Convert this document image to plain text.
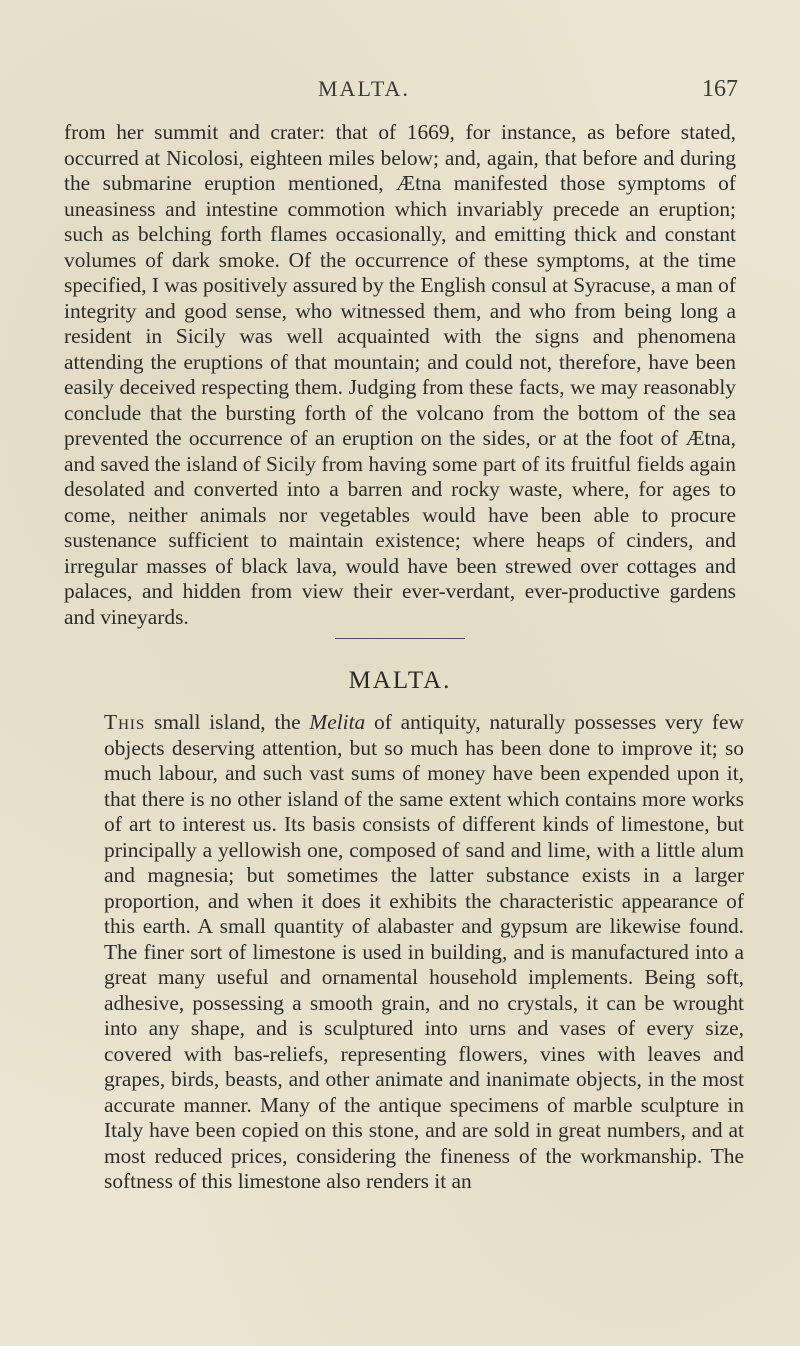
MALTA.	167

from her summit and crater: that of 1669, for instance, as before stated, occurred at Nicolosi, eighteen miles below; and, again, that before and during the submarine eruption mentioned, Ætna manifested those symptoms of uneasiness and intestine commotion which invariably precede an eruption; such as belching forth flames occasionally, and emitting thick and constant volumes of dark smoke. Of the occurrence of these symptoms, at the time specified, I was positively assured by the English consul at Syracuse, a man of integrity and good sense, who witnessed them, and who from being long a resident in Sicily was well acquainted with the signs and phenomena attending the eruptions of that mountain; and could not, therefore, have been easily deceived respecting them. Judging from these facts, we may reasonably conclude that the bursting forth of the volcano from the bottom of the sea prevented the occurrence of an eruption on the sides, or at the foot of Ætna, and saved the island of Sicily from having some part of its fruitful fields again desolated and converted into a barren and rocky waste, where, for ages to come, neither animals nor vegetables would have been able to procure sustenance sufficient to maintain existence; where heaps of cinders, and irregular masses of black lava, would have been strewed over cottages and palaces, and hidden from view their ever-verdant, ever-productive gardens and vineyards.

MALTA.

This small island, the Melita of antiquity, naturally possesses very few objects deserving attention, but so much has been done to improve it; so much labour, and such vast sums of money have been expended upon it, that there is no other island of the same extent which contains more works of art to interest us. Its basis consists of different kinds of limestone, but principally a yellowish one, composed of sand and lime, with a little alum and magnesia; but sometimes the latter substance exists in a larger proportion, and when it does it exhibits the characteristic appearance of this earth. A small quantity of alabaster and gypsum are likewise found. The finer sort of limestone is used in building, and is manufactured into a great many useful and ornamental household implements. Being soft, adhesive, possessing a smooth grain, and no crystals, it can be wrought into any shape, and is sculptured into urns and vases of every size, covered with bas-reliefs, representing flowers, vines with leaves and grapes, birds, beasts, and other animate and inanimate objects, in the most accurate manner. Many of the antique specimens of marble sculpture in Italy have been copied on this stone, and are sold in great numbers, and at most reduced prices, considering the fineness of the workmanship. The softness of this limestone also renders it an
